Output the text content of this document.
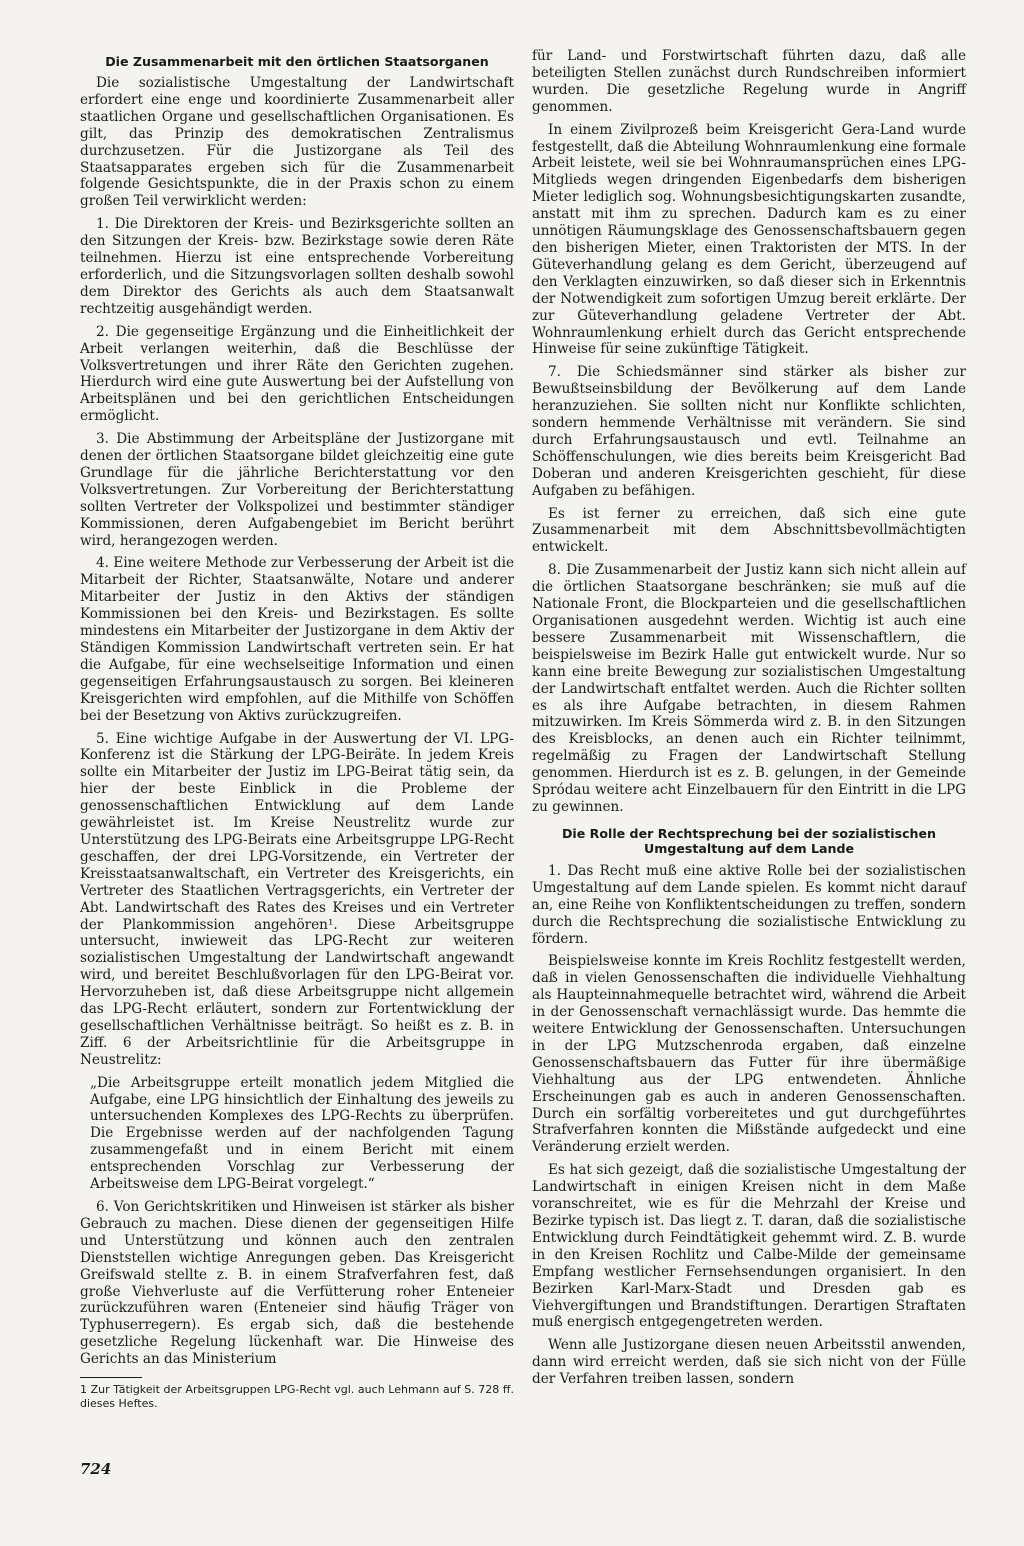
Die Zusammenarbeit mit den örtlichen Staatsorganen

Die sozialistische Umgestaltung der Landwirtschaft erfordert eine enge und koordinierte Zusammenarbeit aller staatlichen Organe und gesellschaftlichen Organisationen. Es gilt, das Prinzip des demokratischen Zentralismus durchzusetzen. Für die Justizorgane als Teil des Staatsapparates ergeben sich für die Zusammenarbeit folgende Gesichtspunkte, die in der Praxis schon zu einem großen Teil verwirklicht werden:

1. Die Direktoren der Kreis- und Bezirksgerichte sollten an den Sitzungen der Kreis- bzw. Bezirkstage sowie deren Räte teilnehmen. Hierzu ist eine entsprechende Vorbereitung erforderlich, und die Sitzungsvorlagen sollten deshalb sowohl dem Direktor des Gerichts als auch dem Staatsanwalt rechtzeitig ausgehändigt werden.

2. Die gegenseitige Ergänzung und die Einheitlichkeit der Arbeit verlangen weiterhin, daß die Beschlüsse der Volksvertretungen und ihrer Räte den Gerichten zugehen. Hierdurch wird eine gute Auswertung bei der Aufstellung von Arbeitsplänen und bei den gerichtlichen Entscheidungen ermöglicht.

3. Die Abstimmung der Arbeitspläne der Justizorgane mit denen der örtlichen Staatsorgane bildet gleichzeitig eine gute Grundlage für die jährliche Berichterstattung vor den Volksvertretungen. Zur Vorbereitung der Berichterstattung sollten Vertreter der Volkspolizei und bestimmter ständiger Kommissionen, deren Aufgabengebiet im Bericht berührt wird, herangezogen werden.

4. Eine weitere Methode zur Verbesserung der Arbeit ist die Mitarbeit der Richter, Staatsanwälte, Notare und anderer Mitarbeiter der Justiz in den Aktivs der ständigen Kommissionen bei den Kreis- und Bezirkstagen. Es sollte mindestens ein Mitarbeiter der Justizorgane in dem Aktiv der Ständigen Kommission Landwirtschaft vertreten sein. Er hat die Aufgabe, für eine wechselseitige Information und einen gegenseitigen Erfahrungsaustausch zu sorgen. Bei kleineren Kreisgerichten wird empfohlen, auf die Mithilfe von Schöffen bei der Besetzung von Aktivs zurückzugreifen.

5. Eine wichtige Aufgabe in der Auswertung der VI. LPG-Konferenz ist die Stärkung der LPG-Beiräte. In jedem Kreis sollte ein Mitarbeiter der Justiz im LPG-Beirat tätig sein, da hier der beste Einblick in die Probleme der genossenschaftlichen Entwicklung auf dem Lande gewährleistet ist. Im Kreise Neustrelitz wurde zur Unterstützung des LPG-Beirats eine Arbeitsgruppe LPG-Recht geschaffen, der drei LPG-Vorsitzende, ein Vertreter der Kreisstaatsanwaltschaft, ein Vertreter des Kreisgerichts, ein Vertreter des Staatlichen Vertragsgerichts, ein Vertreter der Abt. Landwirtschaft des Rates des Kreises und ein Vertreter der Plankommission angehören¹. Diese Arbeitsgruppe untersucht, inwieweit das LPG-Recht zur weiteren sozialistischen Umgestaltung der Landwirtschaft angewandt wird, und bereitet Beschlußvorlagen für den LPG-Beirat vor. Hervorzuheben ist, daß diese Arbeitsgruppe nicht allgemein das LPG-Recht erläutert, sondern zur Fortentwicklung der gesellschaftlichen Verhältnisse beiträgt. So heißt es z. B. in Ziff. 6 der Arbeitsrichtlinie für die Arbeitsgruppe in Neustrelitz:

„Die Arbeitsgruppe erteilt monatlich jedem Mitglied die Aufgabe, eine LPG hinsichtlich der Einhaltung des jeweils zu untersuchenden Komplexes des LPG-Rechts zu überprüfen. Die Ergebnisse werden auf der nachfolgenden Tagung zusammengefaßt und in einem Bericht mit einem entsprechenden Vorschlag zur Verbesserung der Arbeitsweise dem LPG-Beirat vorgelegt.“

6. Von Gerichtskritiken und Hinweisen ist stärker als bisher Gebrauch zu machen. Diese dienen der gegenseitigen Hilfe und Unterstützung und können auch den zentralen Dienststellen wichtige Anregungen geben. Das Kreisgericht Greifswald stellte z. B. in einem Strafverfahren fest, daß große Viehverluste auf die Verfütterung roher Enteneier zurückzuführen waren (Enteneier sind häufig Träger von Typhuserregern). Es ergab sich, daß die bestehende gesetzliche Regelung lückenhaft war. Die Hinweise des Gerichts an das Ministerium

für Land- und Forstwirtschaft führten dazu, daß alle beteiligten Stellen zunächst durch Rundschreiben informiert wurden. Die gesetzliche Regelung wurde in Angriff genommen.

In einem Zivilprozeß beim Kreisgericht Gera-Land wurde festgestellt, daß die Abteilung Wohnraumlenkung eine formale Arbeit leistete, weil sie bei Wohnraumansprüchen eines LPG-Mitglieds wegen dringenden Eigenbedarfs dem bisherigen Mieter lediglich sog. Wohnungsbesichtigungskarten zusandte, anstatt mit ihm zu sprechen. Dadurch kam es zu einer unnötigen Räumungsklage des Genossenschaftsbauern gegen den bisherigen Mieter, einen Traktoristen der MTS. In der Güteverhandlung gelang es dem Gericht, überzeugend auf den Verklagten einzuwirken, so daß dieser sich in Erkenntnis der Notwendigkeit zum sofortigen Umzug bereit erklärte. Der zur Güteverhandlung geladene Vertreter der Abt. Wohnraumlenkung erhielt durch das Gericht entsprechende Hinweise für seine zukünftige Tätigkeit.

7. Die Schiedsmänner sind stärker als bisher zur Bewußtseinsbildung der Bevölkerung auf dem Lande heranzuziehen. Sie sollten nicht nur Konflikte schlichten, sondern hemmende Verhältnisse mit verändern. Sie sind durch Erfahrungsaustausch und evtl. Teilnahme an Schöffenschulungen, wie dies bereits beim Kreisgericht Bad Doberan und anderen Kreisgerichten geschieht, für diese Aufgaben zu befähigen.

Es ist ferner zu erreichen, daß sich eine gute Zusammenarbeit mit dem Abschnittsbevollmächtigten entwickelt.

8. Die Zusammenarbeit der Justiz kann sich nicht allein auf die örtlichen Staatsorgane beschränken; sie muß auf die Nationale Front, die Blockparteien und die gesellschaftlichen Organisationen ausgedehnt werden. Wichtig ist auch eine bessere Zusammenarbeit mit Wissenschaftlern, die beispielsweise im Bezirk Halle gut entwickelt wurde. Nur so kann eine breite Bewegung zur sozialistischen Umgestaltung der Landwirtschaft entfaltet werden. Auch die Richter sollten es als ihre Aufgabe betrachten, in diesem Rahmen mitzuwirken. Im Kreis Sömmerda wird z. B. in den Sitzungen des Kreisblocks, an denen auch ein Richter teilnimmt, regelmäßig zu Fragen der Landwirtschaft Stellung genommen. Hierdurch ist es z. B. gelungen, in der Gemeinde Spródau weitere acht Einzelbauern für den Eintritt in die LPG zu gewinnen.

Die Rolle der Rechtsprechung bei der sozialistischen Umgestaltung auf dem Lande

1. Das Recht muß eine aktive Rolle bei der sozialistischen Umgestaltung auf dem Lande spielen. Es kommt nicht darauf an, eine Reihe von Konfliktentscheidungen zu treffen, sondern durch die Rechtsprechung die sozialistische Entwicklung zu fördern.

Beispielsweise konnte im Kreis Rochlitz festgestellt werden, daß in vielen Genossenschaften die individuelle Viehhaltung als Haupteinnahmequelle betrachtet wird, während die Arbeit in der Genossenschaft vernachlässigt wurde. Das hemmte die weitere Entwicklung der Genossenschaften. Untersuchungen in der LPG Mutzschenroda ergaben, daß einzelne Genossenschaftsbauern das Futter für ihre übermäßige Viehhaltung aus der LPG entwendeten. Ähnliche Erscheinungen gab es auch in anderen Genossenschaften. Durch ein sorfältig vorbereitetes und gut durchgeführtes Strafverfahren konnten die Mißstände aufgedeckt und eine Veränderung erzielt werden.

Es hat sich gezeigt, daß die sozialistische Umgestaltung der Landwirtschaft in einigen Kreisen nicht in dem Maße voranschreitet, wie es für die Mehrzahl der Kreise und Bezirke typisch ist. Das liegt z. T. daran, daß die sozialistische Entwicklung durch Feindtätigkeit gehemmt wird. Z. B. wurde in den Kreisen Rochlitz und Calbe-Milde der gemeinsame Empfang westlicher Fernsehsendungen organisiert. In den Bezirken Karl-Marx-Stadt und Dresden gab es Viehvergiftungen und Brandstiftungen. Derartigen Straftaten muß energisch entgegengetreten werden.

Wenn alle Justizorgane diesen neuen Arbeitsstil anwenden, dann wird erreicht werden, daß sie sich nicht von der Fülle der Verfahren treiben lassen, sondern

1 Zur Tätigkeit der Arbeitsgruppen LPG-Recht vgl. auch Lehmann auf S. 728 ff. dieses Heftes.

724
